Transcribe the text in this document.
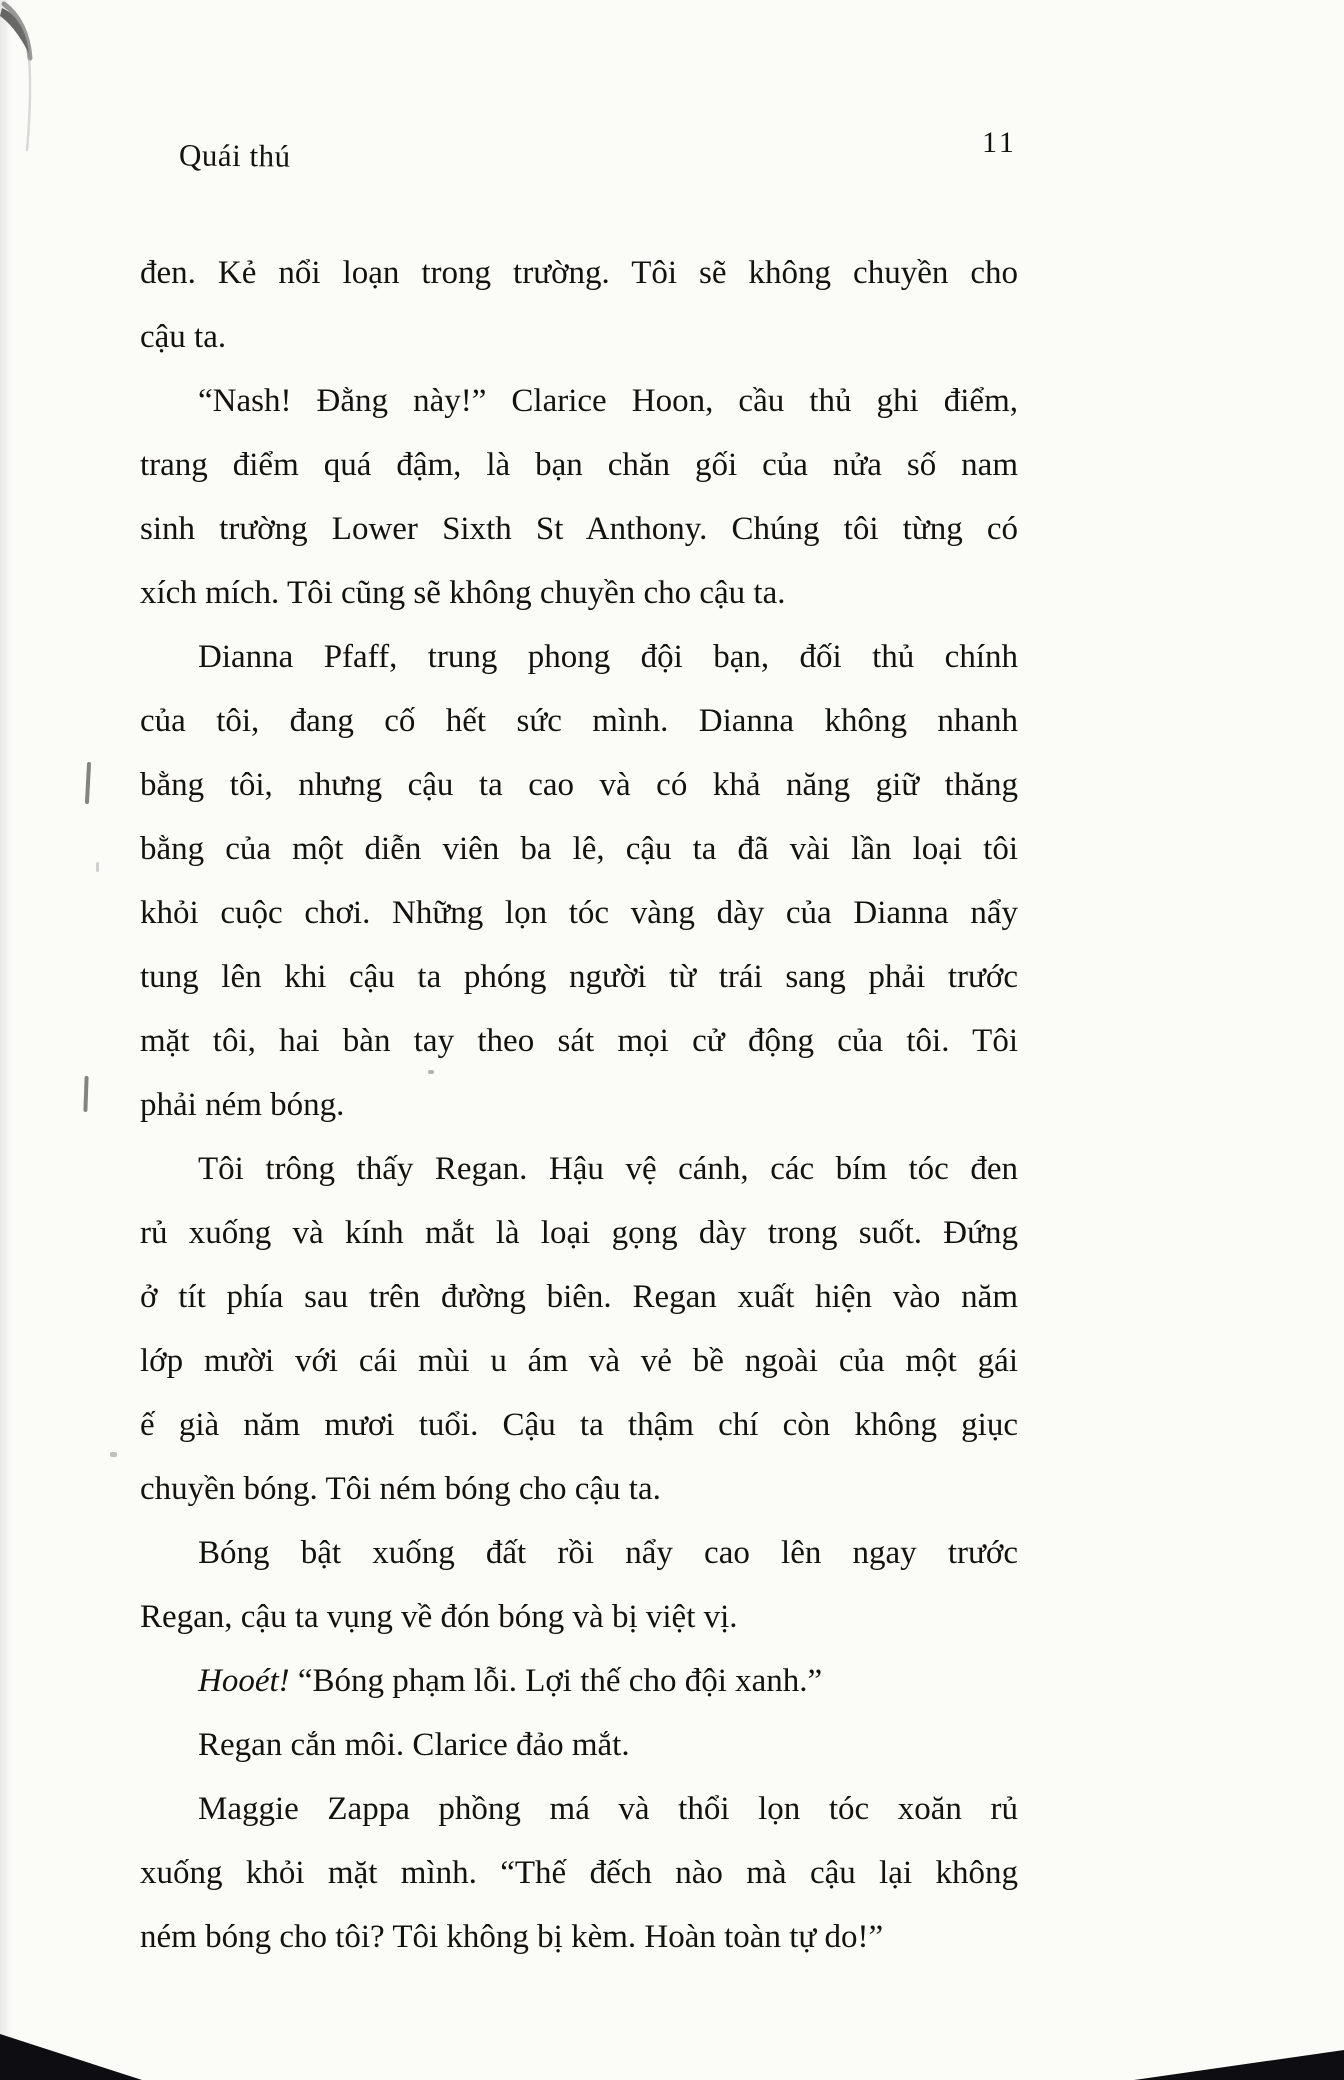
Quái thú	11
đen. Kẻ nổi loạn trong trường. Tôi sẽ không chuyền cho
cậu ta.
“Nash! Đằng này!” Clarice Hoon, cầu thủ ghi điểm,
trang điểm quá đậm, là bạn chăn gối của nửa số nam
sinh trường Lower Sixth St Anthony. Chúng tôi từng có
xích mích. Tôi cũng sẽ không chuyền cho cậu ta.
Dianna Pfaff, trung phong đội bạn, đối thủ chính
của tôi, đang cố hết sức mình. Dianna không nhanh
bằng tôi, nhưng cậu ta cao và có khả năng giữ thăng
bằng của một diễn viên ba lê, cậu ta đã vài lần loại tôi
khỏi cuộc chơi. Những lọn tóc vàng dày của Dianna nẩy
tung lên khi cậu ta phóng người từ trái sang phải trước
mặt tôi, hai bàn tay theo sát mọi cử động của tôi. Tôi
phải ném bóng.
Tôi trông thấy Regan. Hậu vệ cánh, các bím tóc đen
rủ xuống và kính mắt là loại gọng dày trong suốt. Đứng
ở tít phía sau trên đường biên. Regan xuất hiện vào năm
lớp mười với cái mùi u ám và vẻ bề ngoài của một gái
ế già năm mươi tuổi. Cậu ta thậm chí còn không giục
chuyền bóng. Tôi ném bóng cho cậu ta.
Bóng bật xuống đất rồi nẩy cao lên ngay trước
Regan, cậu ta vụng về đón bóng và bị việt vị.
Hooét! “Bóng phạm lỗi. Lợi thế cho đội xanh.”
Regan cắn môi. Clarice đảo mắt.
Maggie Zappa phồng má và thổi lọn tóc xoăn rủ
xuống khỏi mặt mình. “Thế đếch nào mà cậu lại không
ném bóng cho tôi? Tôi không bị kèm. Hoàn toàn tự do!”
